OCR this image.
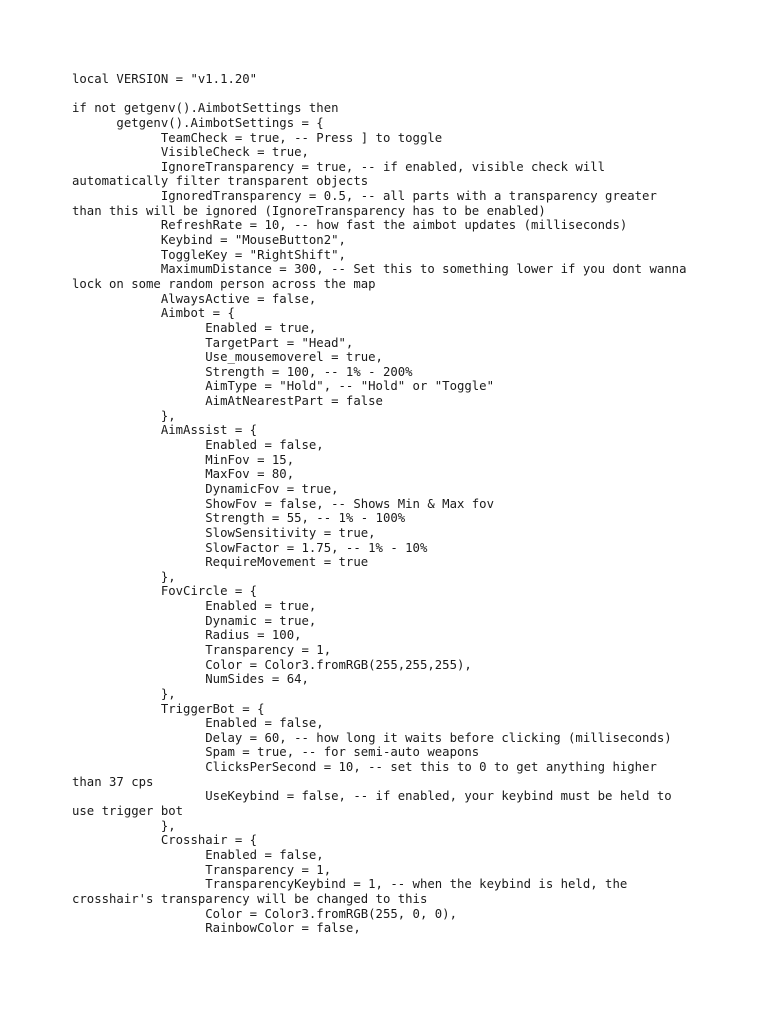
local VERSION = "v1.1.20"
if not getgenv().AimbotSettings then
getgenv().AimbotSettings = {
TeamCheck = true, -- Press ] to toggle
VisibleCheck = true,
IgnoreTransparency = true, -- if enabled, visible check will
automatically filter transparent objects
IgnoredTransparency = 0.5, -- all parts with a transparency greater
than this will be ignored (IgnoreTransparency has to be enabled)
RefreshRate = 10, -- how fast the aimbot updates (milliseconds)
Keybind = "MouseButton2",
ToggleKey = "RightShift",
MaximumDistance = 300, -- Set this to something lower if you dont wanna
lock on some random person across the map
AlwaysActive = false,
Aimbot = {
Enabled = true,
TargetPart = "Head",
Use_mousemoverel = true,
Strength = 100, -- 1% - 200%
AimType = "Hold", -- "Hold" or "Toggle"
AimAtNearestPart = false
},
AimAssist = {
Enabled = false,
MinFov = 15,
MaxFov = 80,
DynamicFov = true,
ShowFov = false, -- Shows Min & Max fov
Strength = 55, -- 1% - 100%
SlowSensitivity = true,
SlowFactor = 1.75, -- 1% - 10%
RequireMovement = true
},
FovCircle = {
Enabled = true,
Dynamic = true,
Radius = 100,
Transparency = 1,
Color = Color3.fromRGB(255,255,255),
NumSides = 64,
},
TriggerBot = {
Enabled = false,
Delay = 60, -- how long it waits before clicking (milliseconds)
Spam = true, -- for semi-auto weapons
ClicksPerSecond = 10, -- set this to 0 to get anything higher
than 37 cps
UseKeybind = false, -- if enabled, your keybind must be held to
use trigger bot
},
Crosshair = {
Enabled = false,
Transparency = 1,
TransparencyKeybind = 1, -- when the keybind is held, the
crosshair's transparency will be changed to this
Color = Color3.fromRGB(255, 0, 0),
RainbowColor = false,
